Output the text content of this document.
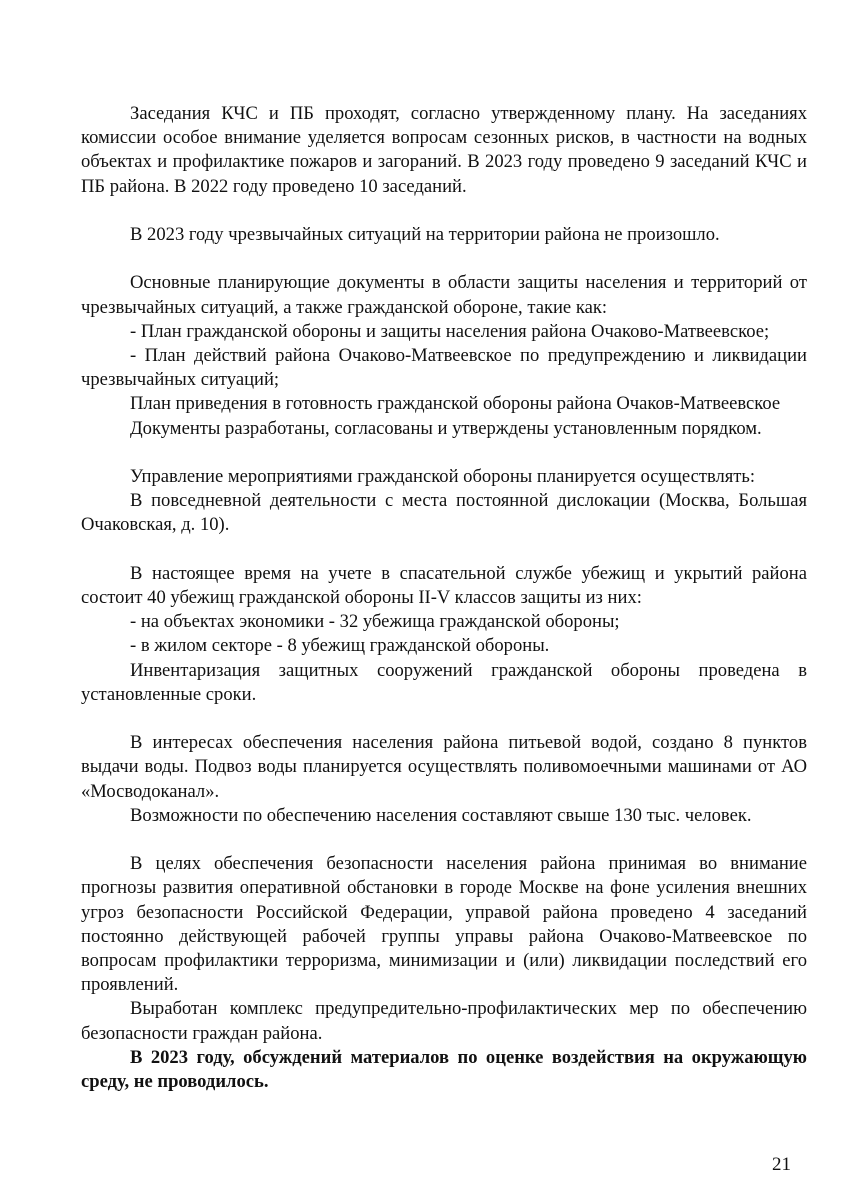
Заседания КЧС и ПБ проходят, согласно утвержденному плану. На заседаниях комиссии особое внимание уделяется вопросам сезонных рисков, в частности на водных объектах и профилактике пожаров и загораний. В 2023 году проведено 9 заседаний КЧС и ПБ района. В 2022 году проведено 10 заседаний.

В 2023 году чрезвычайных ситуаций на территории района не произошло.

Основные планирующие документы в области защиты населения и территорий от чрезвычайных ситуаций, а также гражданской обороне, такие как:

- План гражданской обороны и защиты населения района Очаково-Матвеевское;

- План действий района Очаково-Матвеевское по предупреждению и ликвидации чрезвычайных ситуаций;

План приведения в готовность гражданской обороны района Очаков-Матвеевское

Документы разработаны, согласованы и утверждены установленным порядком.

Управление мероприятиями гражданской обороны планируется осуществлять:

В повседневной деятельности с места постоянной дислокации (Москва, Большая Очаковская, д. 10).

В настоящее время на учете в спасательной службе убежищ и укрытий района состоит 40 убежищ гражданской обороны II-V классов защиты из них:

- на объектах экономики - 32 убежища гражданской обороны;

- в жилом секторе - 8 убежищ гражданской обороны.

Инвентаризация защитных сооружений гражданской обороны проведена в установленные сроки.

В интересах обеспечения населения района питьевой водой, создано 8 пунктов выдачи воды. Подвоз воды планируется осуществлять поливомоечными машинами от АО «Мосводоканал».

Возможности по обеспечению населения составляют свыше 130 тыс. человек.

В целях обеспечения безопасности населения района принимая во внимание прогнозы развития оперативной обстановки в городе Москве на фоне усиления внешних угроз безопасности Российской Федерации, управой района проведено 4 заседаний постоянно действующей рабочей группы управы района Очаково-Матвеевское по вопросам профилактики терроризма, минимизации и (или) ликвидации последствий его проявлений.

Выработан комплекс предупредительно-профилактических мер по обеспечению безопасности граждан района.

В 2023 году, обсуждений материалов по оценке воздействия на окружающую среду, не проводилось.

21
